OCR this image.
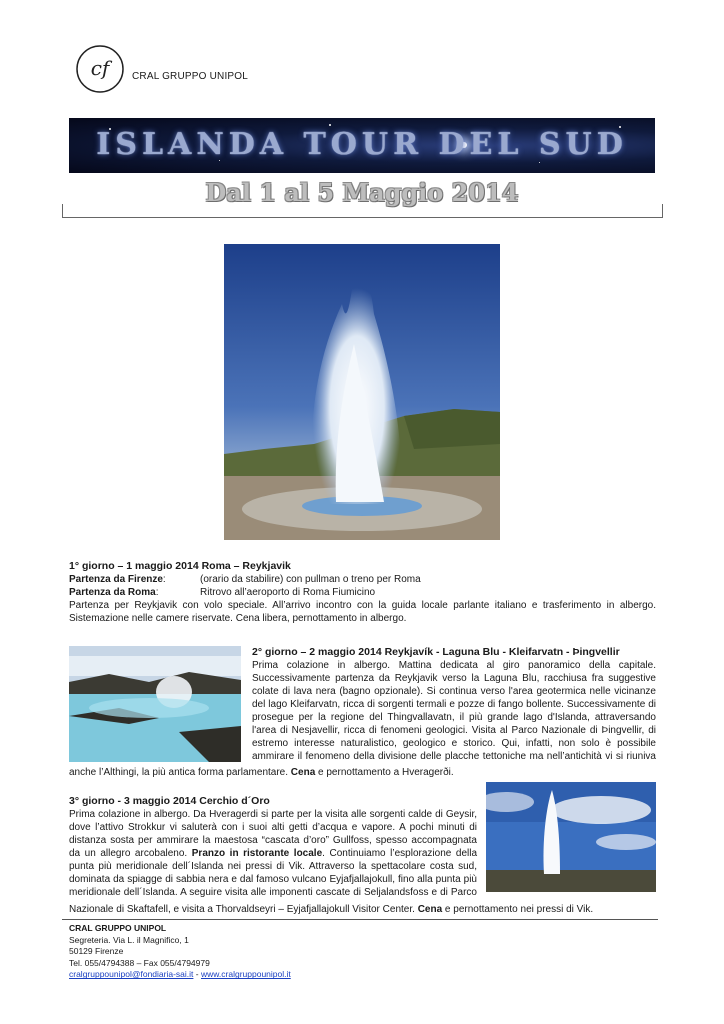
cf	CRAL GRUPPO UNIPOL
ISLANDA TOUR DEL SUD
Dal 1 al 5 Maggio 2014
1° giorno – 1 maggio 2014 Roma – Reykjavik
Partenza da Firenze:	(orario da stabilire) con pullman o treno per Roma
Partenza da Roma:	Ritrovo all’aeroporto di Roma Fiumicino
Partenza per Reykjavik con volo speciale. All’arrivo incontro con la guida locale parlante italiano e trasferimento in albergo. Sistemazione nelle camere riservate. Cena libera, pernottamento in albergo.
2° giorno – 2 maggio 2014 Reykjavík - Laguna Blu - Kleifarvatn - Þingvellir
Prima colazione in albergo. Mattina dedicata al giro panoramico della capitale. Successivamente partenza da Reykjavik verso la Laguna Blu, racchiusa fra suggestive colate di lava nera (bagno opzionale). Si continua verso l'area geotermica nelle vicinanze del lago Kleifarvatn, ricca di sorgenti termali e pozze di fango bollente. Successivamente di prosegue per la regione del Thingvallavatn, il più grande lago d'Islanda, attraversando l'area di Nesjavellir, ricca di fenomeni geologici. Visita al Parco Nazionale di Þingvellir, di estremo interesse naturalistico, geologico e storico. Qui, infatti, non solo è possibile ammirare il fenomeno della divisione delle placche tettoniche ma nell’antichità vi si riuniva
anche l’Althingi, la più antica forma parlamentare. Cena e pernottamento a Hveragerði.
3° giorno - 3 maggio 2014 Cerchio d´Oro
Prima colazione in albergo. Da Hveragerdi si parte per la visita alle sorgenti calde di Geysir, dove l’attivo Strokkur vi saluterà con i suoi alti getti d’acqua e vapore. A pochi minuti di distanza sosta per ammirare la maestosa “cascata d’oro” Gullfoss, spesso accompagnata da un allegro arcobaleno. Pranzo in ristorante locale. Continuiamo l’esplorazione della punta più meridionale dell´Islanda nei pressi di Vik. Attraverso la spettacolare costa sud, dominata da spiagge di sabbia nera e dal famoso vulcano Eyjafjallajokull, fino alla punta più meridionale dell´Islanda. A seguire visita alle imponenti cascate di Seljalandsfoss e di Parco
Nazionale di Skaftafell, e visita a Thorvaldseyri – Eyjafjallajokull Visitor Center. Cena e pernottamento nei pressi di Vik.
CRAL GRUPPO UNIPOL
Segreteria. Via L. il Magnifico, 1
50129 Firenze
Tel. 055/4794388 – Fax 055/4794979
cralgruppounipol@fondiaria-sai.it - www.cralgruppounipol.it
